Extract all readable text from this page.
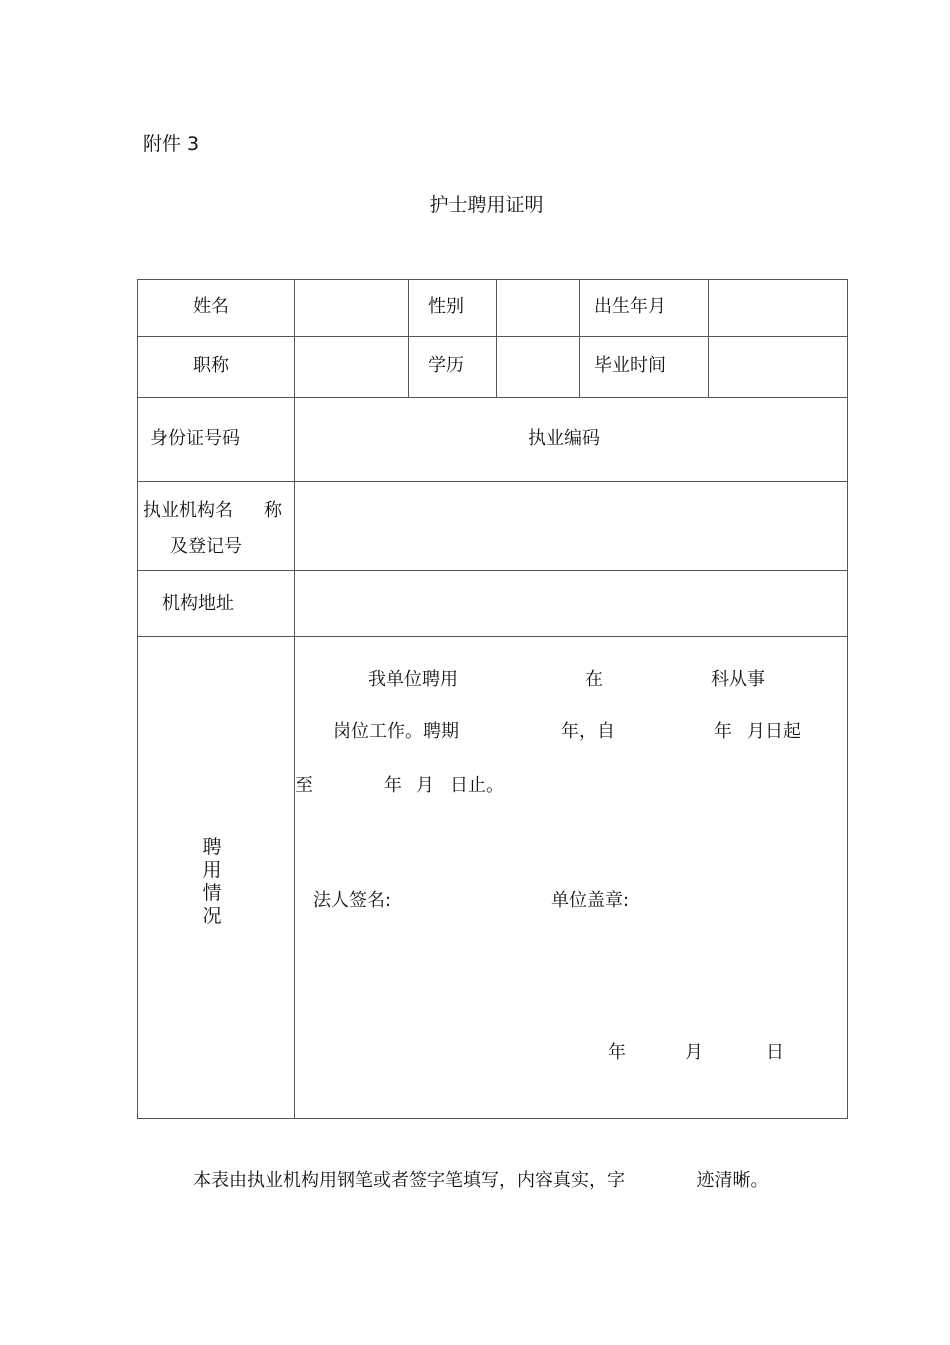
附件 3
护士聘用证明
姓名	性别	出生年月
职称	学历	毕业时间
身份证号码	执业编码
执业机构名 称
及登记号
机构地址
聘
用
情
况
我单位聘用	在	科从事
岗位工作。聘期	年，自	年 月日起
至	年 月 日止。
法人签名:	单位盖章:
年	月	日
本表由执业机构用钢笔或者签字笔填写，内容真实，字	迹清晰。
